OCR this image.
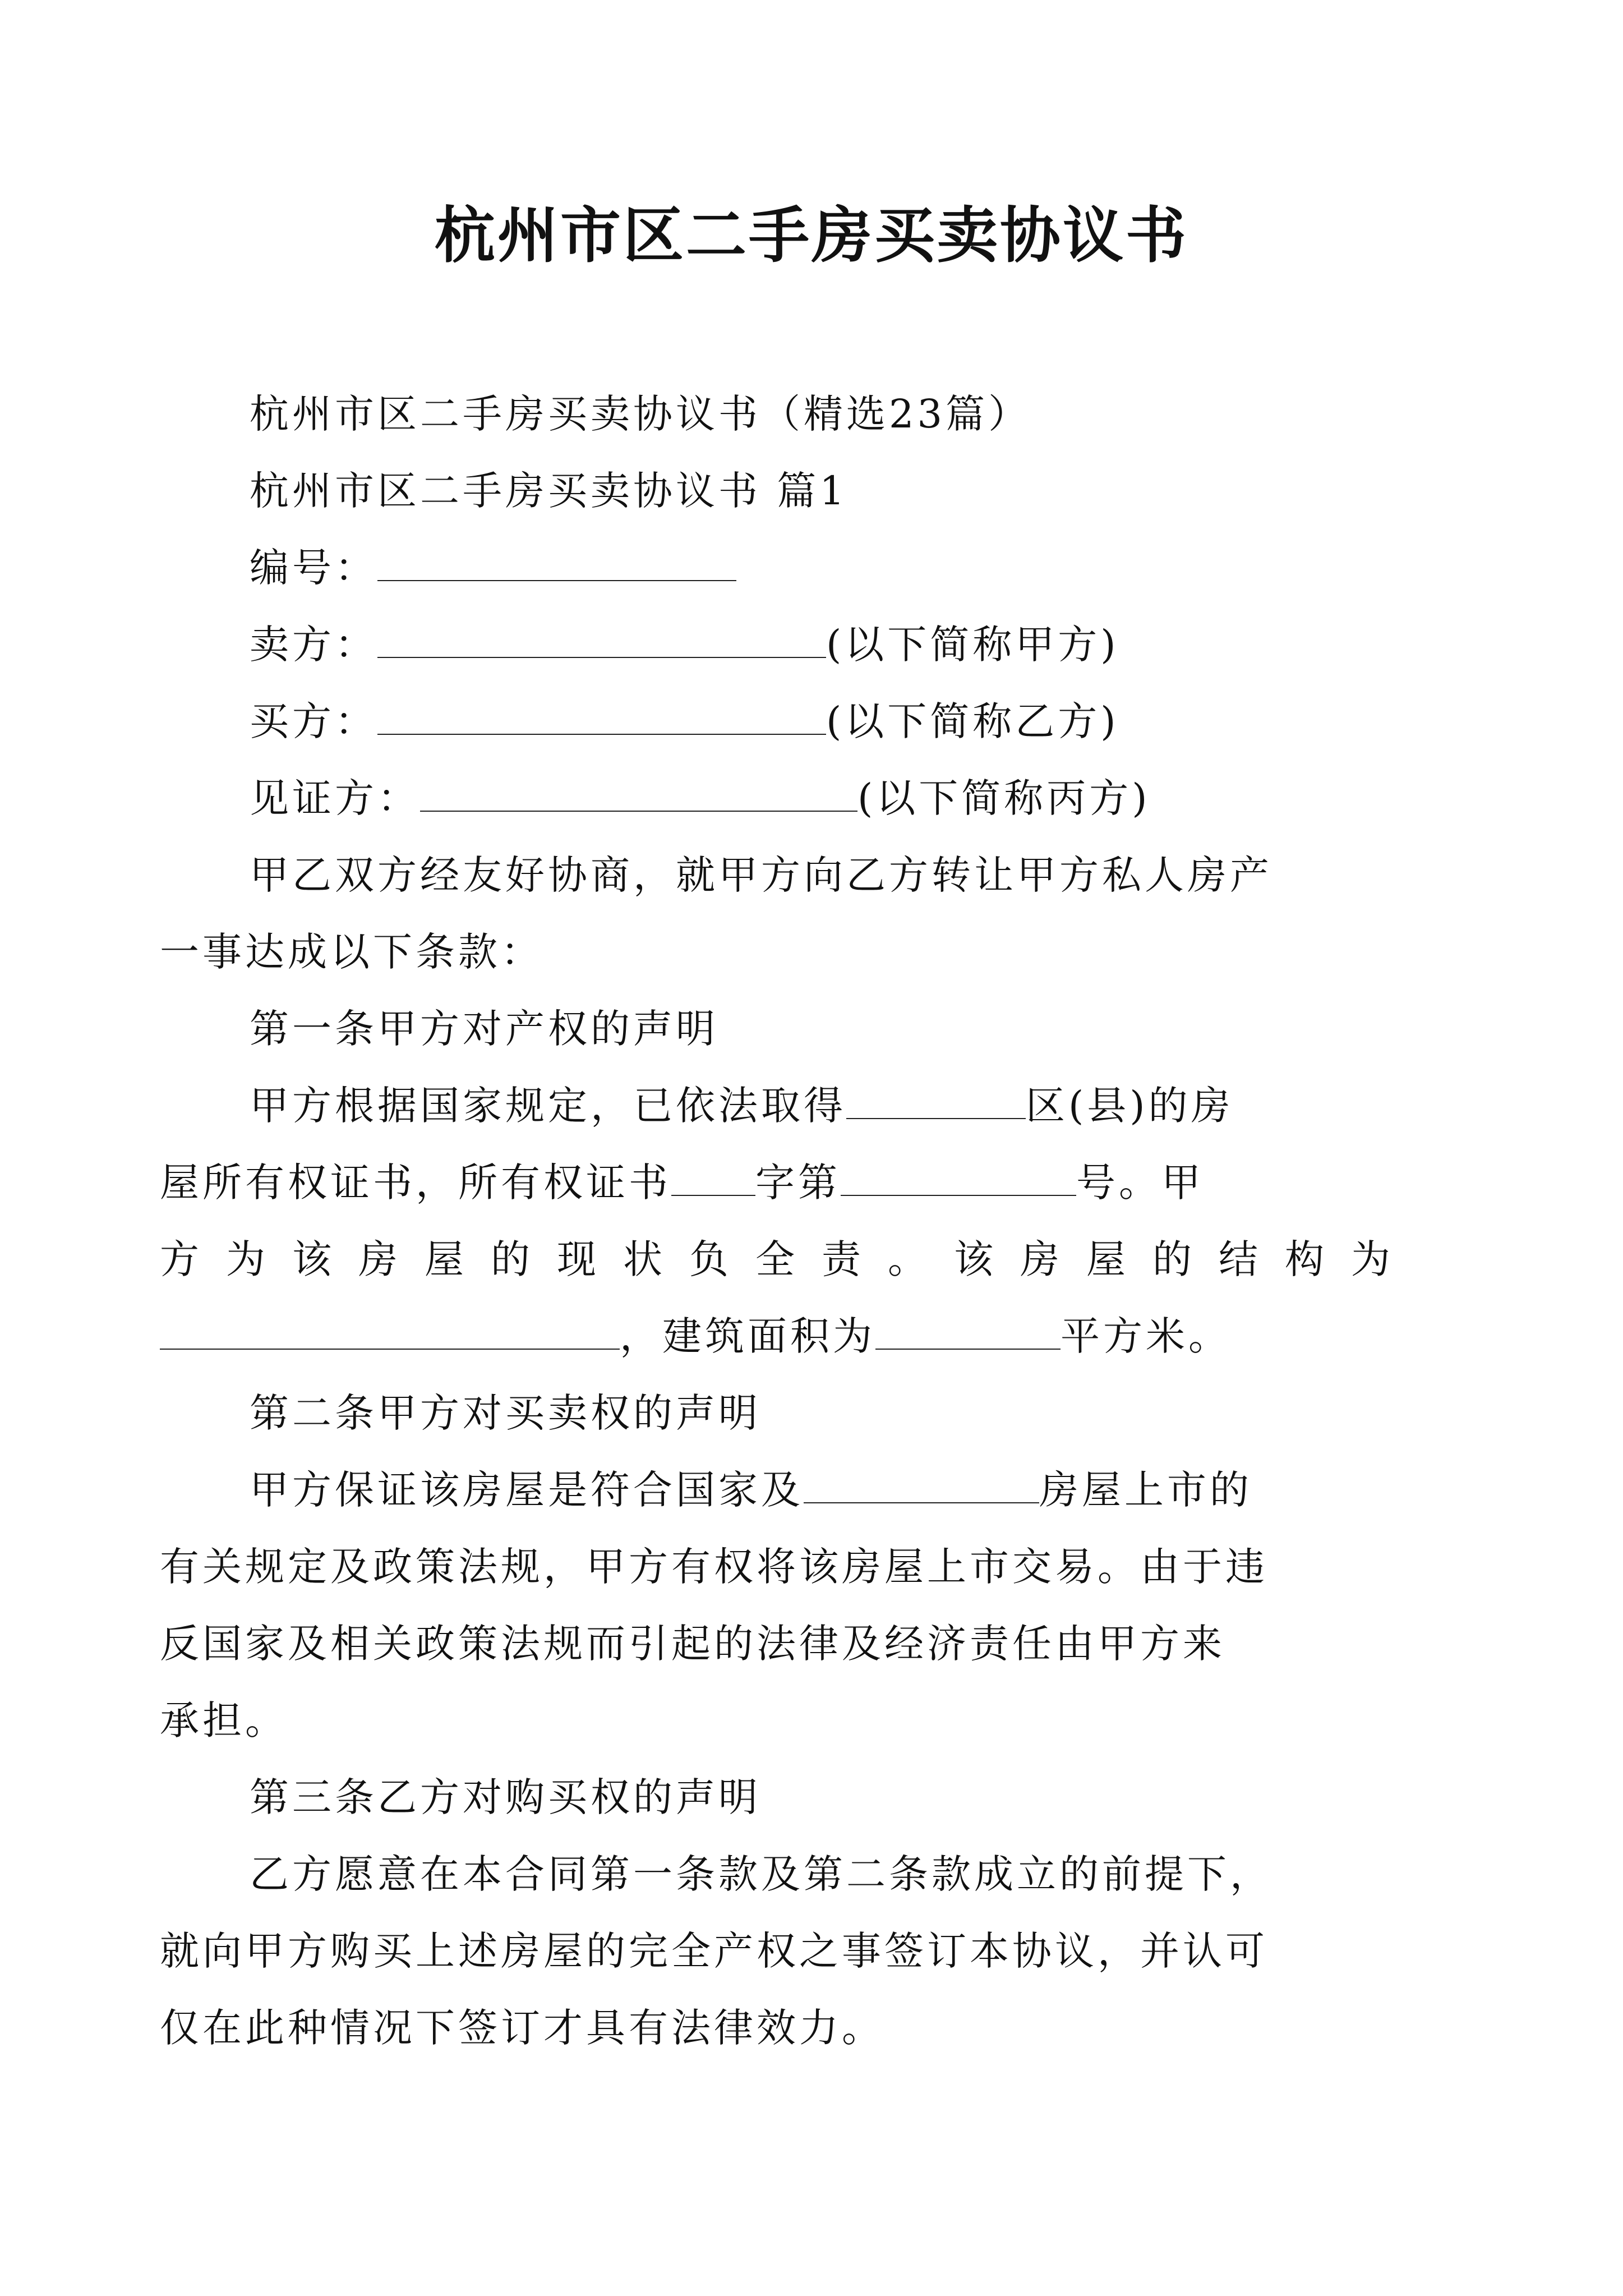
杭州市区二手房买卖协议书

杭州市区二手房买卖协议书（精选23篇）

杭州市区二手房买卖协议书 篇1

编号：

卖方：	(以下简称甲方)

买方：	(以下简称乙方)

见证方：	(以下简称丙方)

甲乙双方经友好协商，就甲方向乙方转让甲方私人房产

一事达成以下条款：

第一条甲方对产权的声明

甲方根据国家规定，已依法取得	区(县)的房

屋所有权证书，所有权证书 字第	号。甲

方为该房屋的现状负全责。该房屋的结构为

，建筑面积为	平方米。

第二条甲方对买卖权的声明

甲方保证该房屋是符合国家及	房屋上市的

有关规定及政策法规，甲方有权将该房屋上市交易。由于违

反国家及相关政策法规而引起的法律及经济责任由甲方来

承担。

第三条乙方对购买权的声明

乙方愿意在本合同第一条款及第二条款成立的前提下，

就向甲方购买上述房屋的完全产权之事签订本协议，并认可

仅在此种情况下签订才具有法律效力。
